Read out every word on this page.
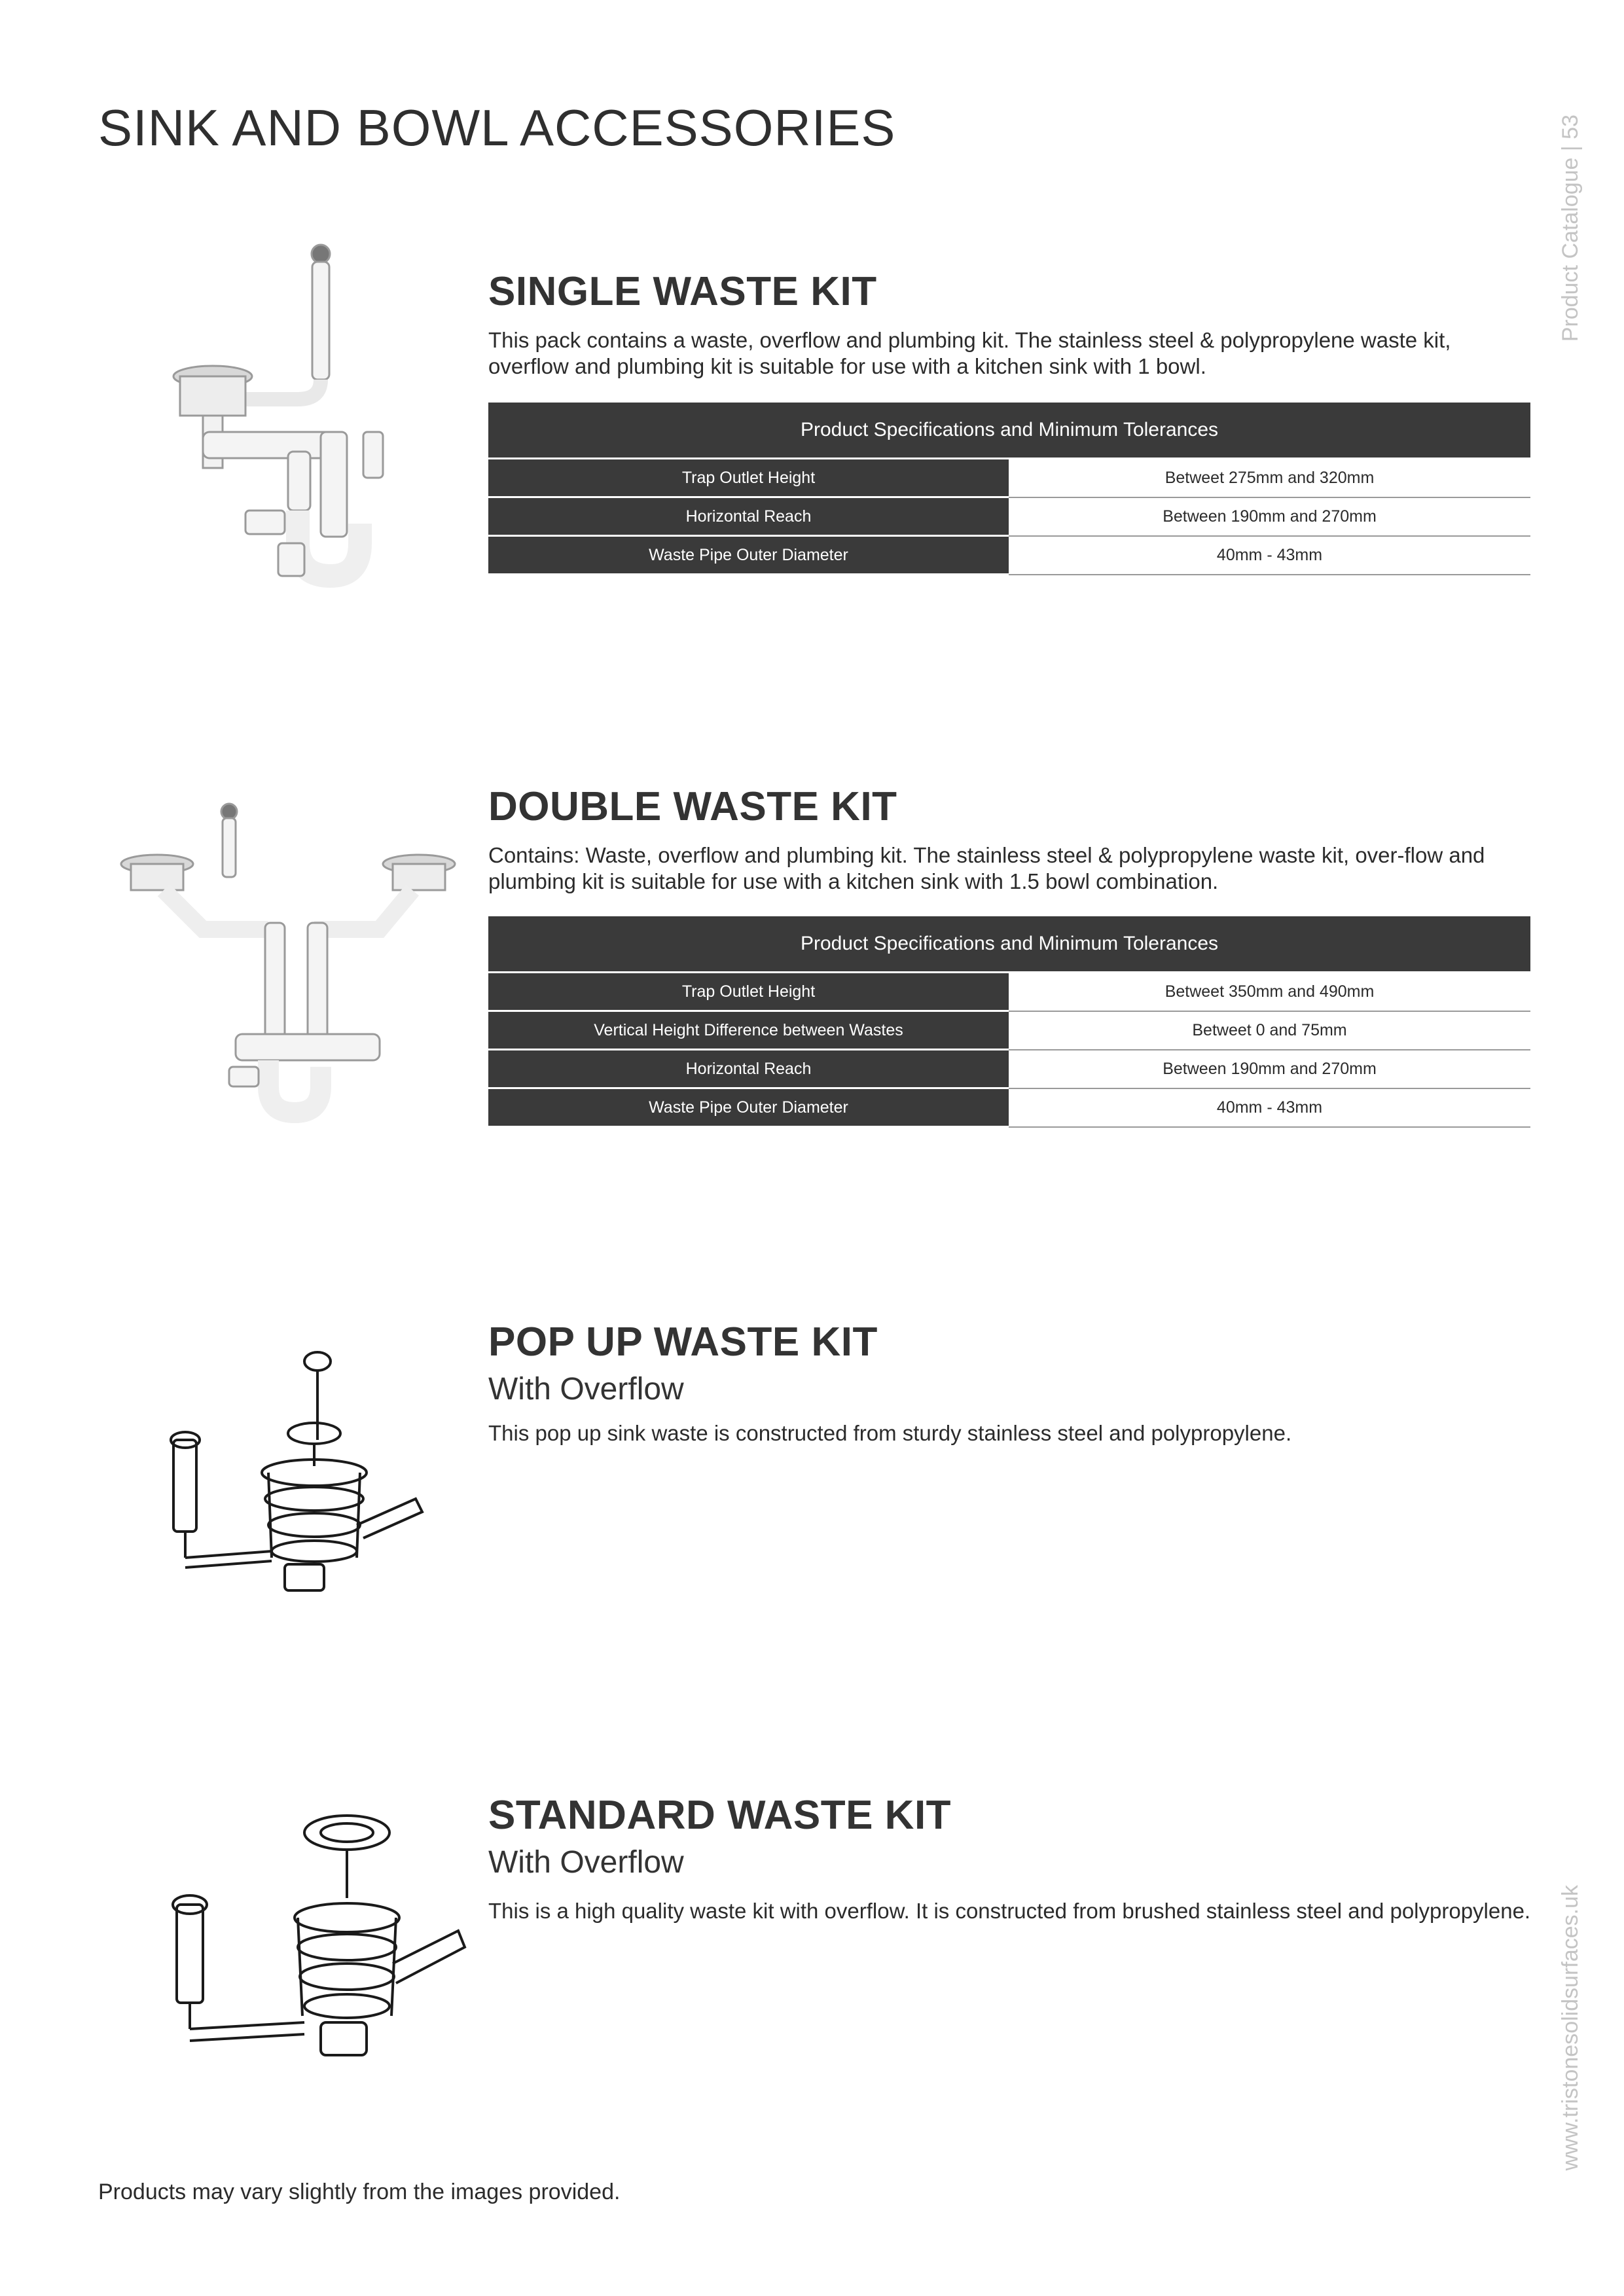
SINK AND BOWL ACCESSORIES	Product Catalogue | 53
www.tristonesolidsurfaces.uk
SINGLE WASTE KIT

This pack contains a waste, overflow and plumbing kit. The stainless steel & polypropylene waste kit, overflow and plumbing kit is suitable for use with a kitchen sink with 1 bowl.

Product Specifications and Minimum Tolerances	
Trap Outlet Height	Betweet 275mm and 320mm
Horizontal Reach	Between 190mm and 270mm
Waste Pipe Outer Diameter	40mm - 43mm
DOUBLE WASTE KIT

Contains: Waste, overflow and plumbing kit. The stainless steel & polypropylene waste kit, over-flow and plumbing kit is suitable for use with a kitchen sink with 1.5 bowl combination.

Product Specifications and Minimum Tolerances	
Trap Outlet Height	Betweet 350mm and 490mm
Vertical Height Difference between Wastes	Betweet 0 and 75mm
Horizontal Reach	Between 190mm and 270mm
Waste Pipe Outer Diameter	40mm - 43mm
POP UP WASTE KIT
With Overflow

This pop up sink waste is constructed from sturdy stainless steel and polypropylene.

STANDARD WASTE KIT
With Overflow

This is a high quality waste kit with overflow. It is constructed from brushed stainless steel and polypropylene.

Products may vary slightly from the images provided.
